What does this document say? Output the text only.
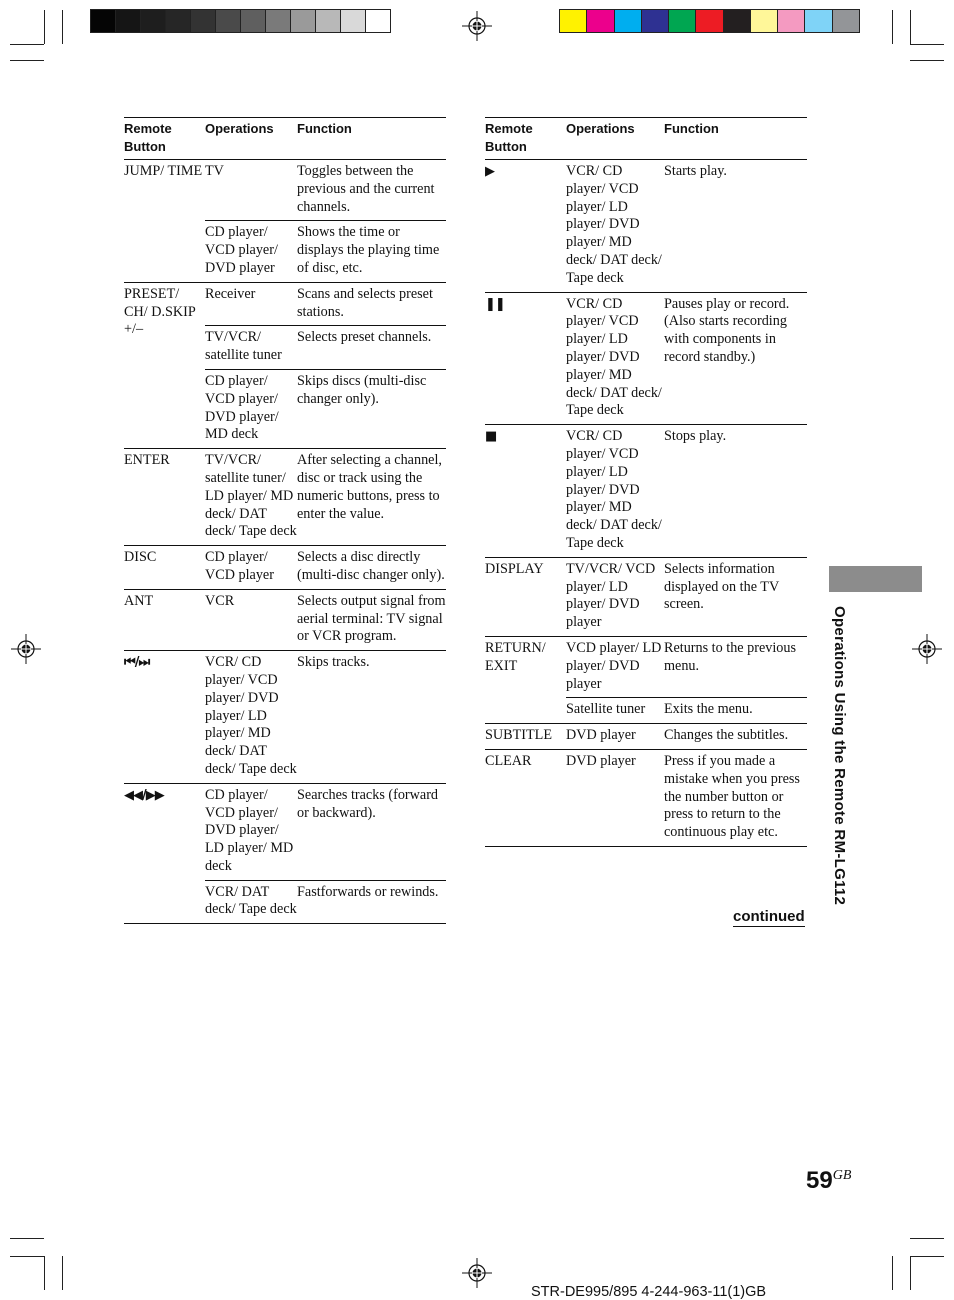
Remote Button	Operations	Function
JUMP/ TIME	TV	Toggles between the previous and the current channels.
	CD player/ VCD player/ DVD player	Shows the time or displays the playing time of disc, etc.
PRESET/ CH/ D.SKIP +/–	Receiver	Scans and selects preset stations.
	TV/VCR/ satellite tuner	Selects preset channels.
	CD player/ VCD player/ DVD player/ MD deck	Skips discs (multi-disc changer only).
ENTER	TV/VCR/ satellite tuner/ LD player/ MD deck/ DAT deck/ Tape deck	After selecting a channel, disc or track using the numeric buttons, press to enter the value.
DISC	CD player/ VCD player	Selects a disc directly (multi-disc changer only).
ANT	VCR	Selects output signal from aerial terminal: TV signal or VCR program.
⏮/⏭	VCR/ CD player/ VCD player/ DVD player/ LD player/ MD deck/ DAT deck/ Tape deck	Skips tracks.
◀◀/▶▶	CD player/ VCD player/ DVD player/ LD player/ MD deck	Searches tracks (forward or backward).
	VCR/ DAT deck/ Tape deck	Fastforwards or rewinds.
Remote Button	Operations	Function
▶	VCR/ CD player/ VCD player/ LD player/ DVD player/ MD deck/ DAT deck/ Tape deck	Starts play.
❚❚	VCR/ CD player/ VCD player/ LD player/ DVD player/ MD deck/ DAT deck/ Tape deck	Pauses play or record. (Also starts recording with components in record standby.)
■	VCR/ CD player/ VCD player/ LD player/ DVD player/ MD deck/ DAT deck/ Tape deck	Stops play.
DISPLAY	TV/VCR/ VCD player/ LD player/ DVD player	Selects information displayed on the TV screen.
RETURN/ EXIT	VCD player/ LD player/ DVD player	Returns to the previous menu.
	Satellite tuner	Exits the menu.
SUBTITLE	DVD player	Changes the subtitles.
CLEAR	DVD player	Press if you made a mistake when you press the number button or press to return to the continuous play etc.
continued
Operations Using the Remote RM-LG112
$59^{GB}$
STR-DE995/895 4-244-963-11(1)GB
